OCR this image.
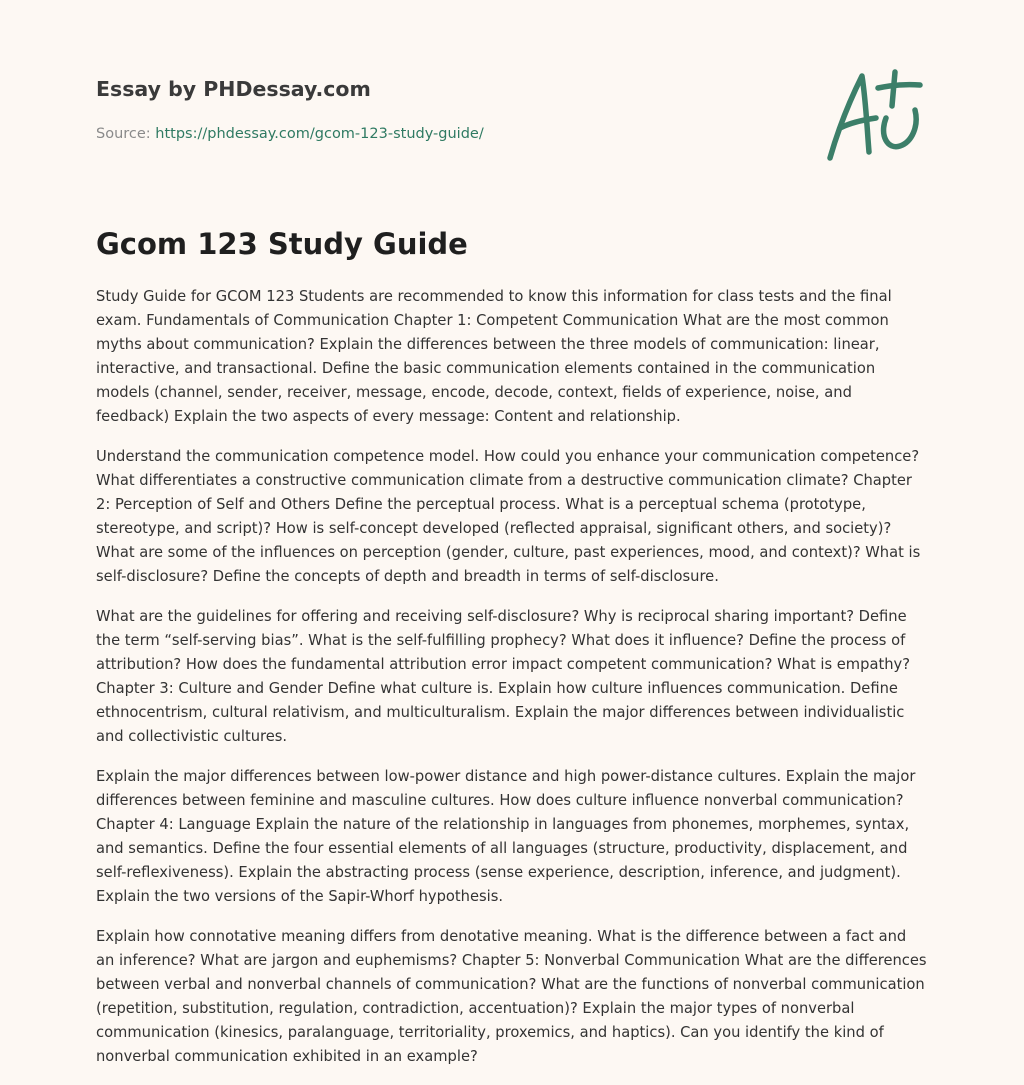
Essay by PHDessay.com
Source: https://phdessay.com/gcom-123-study-guide/
Gcom 123 Study Guide

Study Guide for GCOM 123 Students are recommended to know this information for class tests and the final exam. Fundamentals of Communication Chapter 1: Competent Communication What are the most common myths about communication? Explain the differences between the three models of communication: linear, interactive, and transactional. Define the basic communication elements contained in the communication models (channel, sender, receiver, message, encode, decode, context, fields of experience, noise, and feedback) Explain the two aspects of every message: Content and relationship.

Understand the communication competence model. How could you enhance your communication competence? What differentiates a constructive communication climate from a destructive communication climate? Chapter 2: Perception of Self and Others Define the perceptual process. What is a perceptual schema (prototype, stereotype, and script)? How is self-concept developed (reflected appraisal, significant others, and society)? What are some of the influences on perception (gender, culture, past experiences, mood, and context)? What is self-disclosure? Define the concepts of depth and breadth in terms of self-disclosure.

What are the guidelines for offering and receiving self-disclosure? Why is reciprocal sharing important? Define the term “self-serving bias”. What is the self-fulfilling prophecy? What does it influence? Define the process of attribution? How does the fundamental attribution error impact competent communication? What is empathy? Chapter 3: Culture and Gender Define what culture is. Explain how culture influences communication. Define ethnocentrism, cultural relativism, and multiculturalism. Explain the major differences between individualistic and collectivistic cultures.

Explain the major differences between low-power distance and high power-distance cultures. Explain the major differences between feminine and masculine cultures. How does culture influence nonverbal communication? Chapter 4: Language Explain the nature of the relationship in languages from phonemes, morphemes, syntax, and semantics. Define the four essential elements of all languages (structure, productivity, displacement, and self-reflexiveness). Explain the abstracting process (sense experience, description, inference, and judgment). Explain the two versions of the Sapir-Whorf hypothesis.

Explain how connotative meaning differs from denotative meaning. What is the difference between a fact and an inference? What are jargon and euphemisms? Chapter 5: Nonverbal Communication What are the differences between verbal and nonverbal channels of communication? What are the functions of nonverbal communication (repetition, substitution, regulation, contradiction, accentuation)? Explain the major types of nonverbal communication (kinesics, paralanguage, territoriality, proxemics, and haptics). Can you identify the kind of nonverbal communication exhibited in an example?
